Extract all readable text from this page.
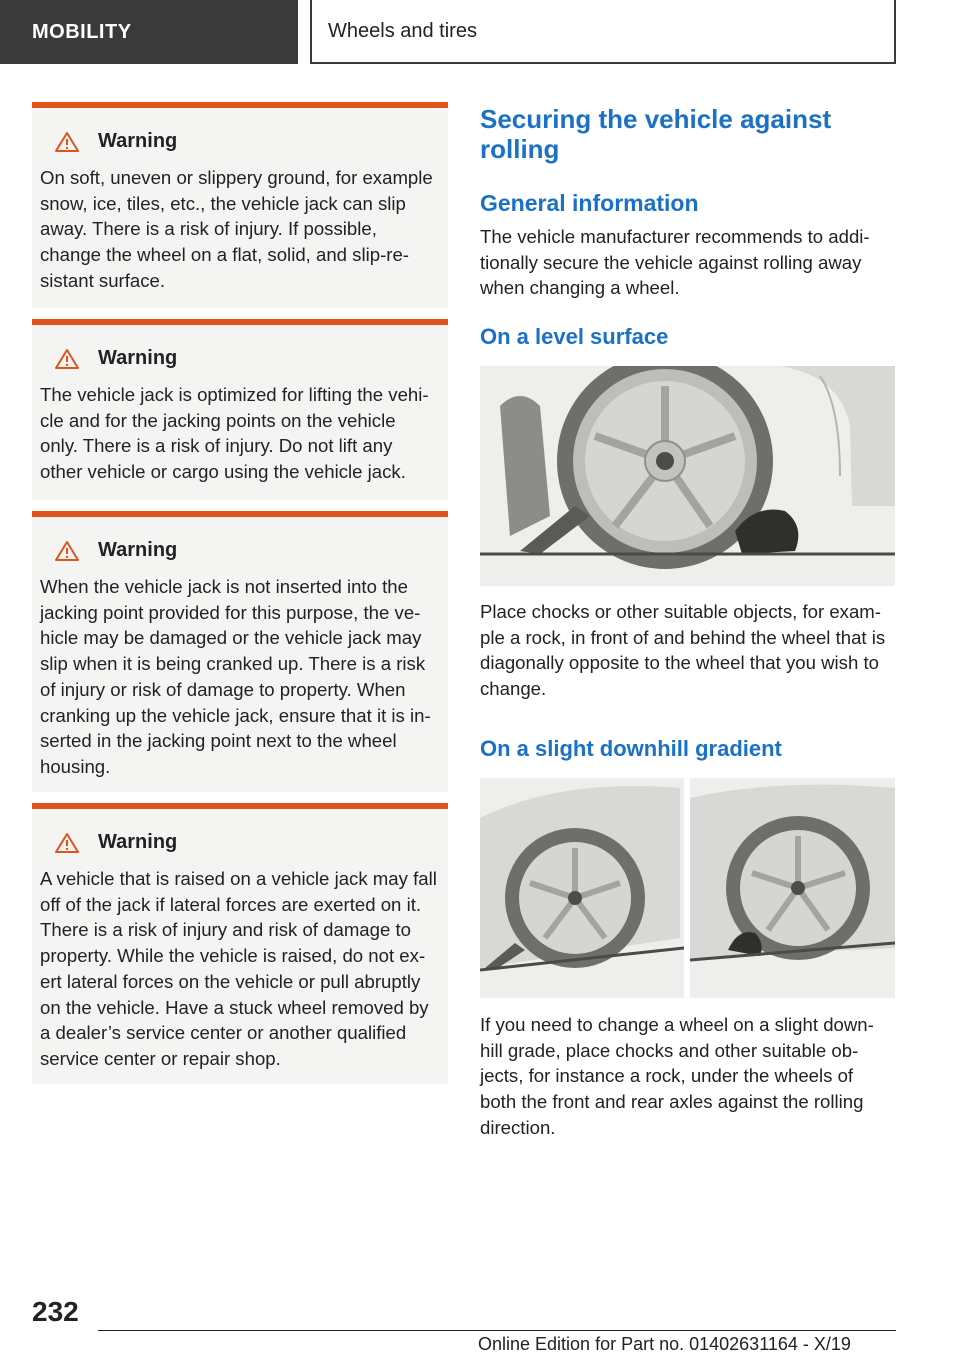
MOBILITY	Wheels and tires
Warning
On soft, uneven or slippery ground, for example
snow, ice, tiles, etc., the vehicle jack can slip
away. There is a risk of injury. If possible,
change the wheel on a flat, solid, and slip-re‐
sistant surface.
Warning
The vehicle jack is optimized for lifting the vehi‐
cle and for the jacking points on the vehicle
only. There is a risk of injury. Do not lift any
other vehicle or cargo using the vehicle jack.
Warning
When the vehicle jack is not inserted into the
jacking point provided for this purpose, the ve‐
hicle may be damaged or the vehicle jack may
slip when it is being cranked up. There is a risk
of injury or risk of damage to property. When
cranking up the vehicle jack, ensure that it is in‐
serted in the jacking point next to the wheel
housing.
Warning
A vehicle that is raised on a vehicle jack may fall
off of the jack if lateral forces are exerted on it.
There is a risk of injury and risk of damage to
property. While the vehicle is raised, do not ex‐
ert lateral forces on the vehicle or pull abruptly
on the vehicle. Have a stuck wheel removed by
a dealer’s service center or another qualified
service center or repair shop.
Securing the vehicle against
rolling
General information
The vehicle manufacturer recommends to addi‐
tionally secure the vehicle against rolling away
when changing a wheel.
On a level surface
Place chocks or other suitable objects, for exam‐
ple a rock, in front of and behind the wheel that is
diagonally opposite to the wheel that you wish to
change.
On a slight downhill gradient
If you need to change a wheel on a slight down‐
hill grade, place chocks and other suitable ob‐
jects, for instance a rock, under the wheels of
both the front and rear axles against the rolling
direction.
232
Online Edition for Part no. 01402631164 - X/19
